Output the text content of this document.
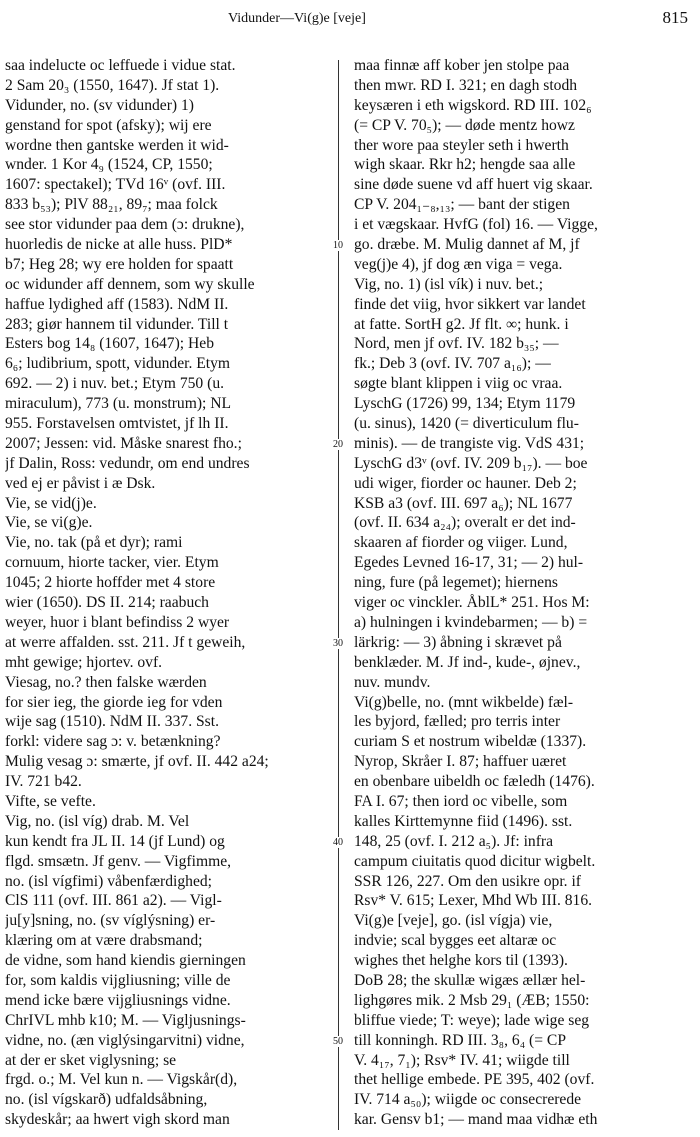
Vidunder—Vi(g)e [veje]	815
saa indelucte oc leffuede i vidue stat.
2 Sam 20₃ (1550, 1647). Jf stat 1).
Vidunder, no. (sv vidunder) 1)
genstand for spot (afsky); wij ere
wordne then gantske werden it wid-
wnder. 1 Kor 4₉ (1524, CP, 1550;
1607: spectakel); TVd 16ᵛ (ovf. III.
833 b₅₃); PlV 88₂₁, 89₇; maa folck
see stor vidunder paa dem (ɔ: drukne),
huorledis de nicke at alle huss. PlD*
b7; Heg 28; wy ere holden for spaatt
oc widunder aff dennem, som wy skulle
haffue lydighed aff (1583). NdM II.
283; giør hannem til vidunder. Till t
Esters bog 14₈ (1607, 1647); Heb
6₆; ludibrium, spott, vidunder. Etym
692. — 2) i nuv. bet.; Etym 750 (u.
miraculum), 773 (u. monstrum); NL
955. Forstavelsen omtvistet, jf lh II.
2007; Jessen: vid. Måske snarest fho.;
jf Dalin, Ross: vedundr, om end undres
ved ej er påvist i æ Dsk.
Vie, se vid(j)e.
Vie, se vi(g)e.
Vie, no. tak (på et dyr); rami
cornuum, hiorte tacker, vier. Etym
1045; 2 hiorte hoffder met 4 store
wier (1650). DS II. 214; raabuch
weyer, huor i blant befindiss 2 wyer
at werre affalden. sst. 211. Jf t geweih,
mht gewige; hjortev. ovf.
Viesag, no.? then falske wærden
for sier ieg, the giorde ieg for vden
wije sag (1510). NdM II. 337. Sst.
forkl: videre sag ɔ: v. betænkning?
Mulig vesag ɔ: smærte, jf ovf. II. 442 a24;
IV. 721 b42.
Vifte, se vefte.
Vig, no. (isl víg) drab. M. Vel
kun kendt fra JL II. 14 (jf Lund) og
flgd. smsætn. Jf genv. — Vigfimme,
no. (isl vígfimi) våbenfærdighed;
ClS 111 (ovf. III. 861 a2). — Vigl-
ju[y]sning, no. (sv víglýsning) er-
klæring om at være drabsmand;
de vidne, som hand kiendis gierningen
for, som kaldis vijgliusning; ville de
mend icke bære vijgliusnings vidne.
ChrIVL mhb k10; M. — Vigljusnings-
vidne, no. (æn viglýsingarvitni) vidne,
at der er sket viglysning; se
frgd. o.; M. Vel kun n. — Vigskår(d),
no. (isl vígskarð) udfaldsåbning,
skydeskår; aa hwert vigh skord man
maa finnæ aff kober jen stolpe paa
then mwr. RD I. 321; en dagh stodh
keysæren i eth wigskord. RD III. 102₆
(= CP V. 70₅); — døde mentz howz
ther wore paa steyler seth i hwerth
wigh skaar. Rkr h2; hengde saa alle
sine døde suene vd aff huert vig skaar.
CP V. 204₁₋₈,₁₃; — bant der stigen
i et vægskaar. HvfG (fol) 16. — Vigge,
go. dræbe. M. Mulig dannet af M, jf
veg(j)e 4), jf dog æn viga = vega.
Vig, no. 1) (isl vík) i nuv. bet.;
finde det viig, hvor sikkert var landet
at fatte. SortH g2. Jf flt. ∞; hunk. i
Nord, men jf ovf. IV. 182 b₃₅; —
fk.; Deb 3 (ovf. IV. 707 a₁₆); —
søgte blant klippen i viig oc vraa.
LyschG (1726) 99, 134; Etym 1179
(u. sinus), 1420 (= diverticulum flu-
minis). — de trangiste vig. VdS 431;
LyschG d3ᵛ (ovf. IV. 209 b₁₇). — boe
udi wiger, fiorder oc hauner. Deb 2;
KSB a3 (ovf. III. 697 a₆); NL 1677
(ovf. II. 634 a₂₄); overalt er det ind-
skaaren af fiorder og viiger. Lund,
Egedes Levned 16-17, 31; — 2) hul-
ning, fure (på legemet); hiernens
viger oc vinckler. ÅblL* 251. Hos M:
a) hulningen i kvindebarmen; — b) =
lärkrig: — 3) åbning i skrævet på
benklæder. M. Jf ind-, kude-, øjnev.,
nuv. mundv.
Vi(g)belle, no. (mnt wikbelde) fæl-
les byjord, fælled; pro terris inter
curiam S et nostrum wibeldæ (1337).
Nyrop, Skråer I. 87; haffuer uæret
en obenbare uibeldh oc fæledh (1476).
FA I. 67; then iord oc vibelle, som
kalles Kirttemynne fiid (1496). sst.
148, 25 (ovf. I. 212 a₅). Jf: infra
campum ciuitatis quod dicitur wigbelt.
SSR 126, 227. Om den usikre opr. if
Rsv* V. 615; Lexer, Mhd Wb III. 816.
Vi(g)e [veje], go. (isl vígja) vie,
indvie; scal bygges eet altaræ oc
wighes thet helghe kors til (1393).
DoB 28; the skullæ wigæs ællær hel-
lighgøres mik. 2 Msb 29₁ (ÆB; 1550:
bliffue viede; T: weye); lade wige seg
till konningh. RD III. 3₈, 6₄ (= CP
V. 4₁₇, 7₁); Rsv* IV. 41; wiigde till
thet hellige embede. PE 395, 402 (ovf.
IV. 714 a₅₀); wiigde oc consecrerede
kar. Gensv b1; — mand maa vidhæ eth
10
20
30
40
50
